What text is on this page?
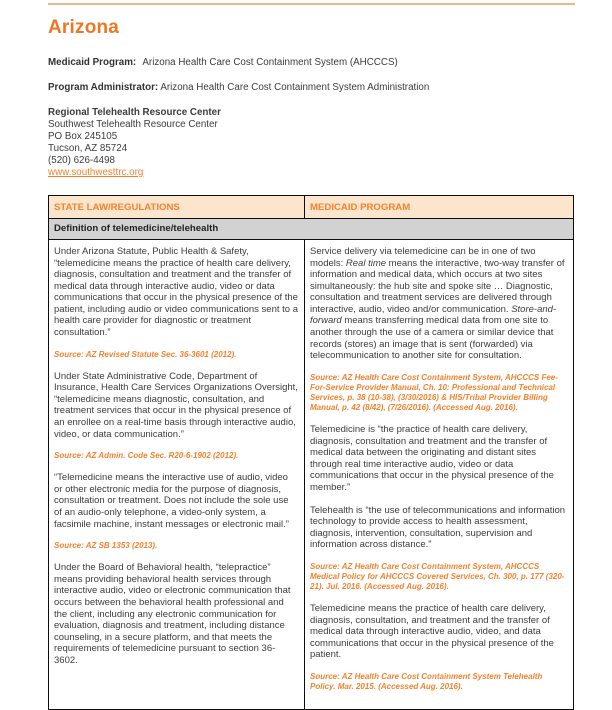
Arizona

Medicaid Program: Arizona Health Care Cost Containment System (AHCCCS)

Program Administrator: Arizona Health Care Cost Containment System Administration

Regional Telehealth Resource Center
Southwest Telehealth Resource Center
PO Box 245105
Tucson, AZ 85724
(520) 626-4498
www.southwesttrc.org
STATE LAW/REGULATIONS	MEDICAID PROGRAM
Definition of telemedicine/telehealth

Under Arizona Statute, Public Health & Safety, “telemedicine means the practice of health care delivery, diagnosis, consultation and treatment and the transfer of medical data through interactive audio, video or data communications that occur in the physical presence of the patient, including audio or video communications sent to a health care provider for diagnostic or treatment consultation.”

Source: AZ Revised Statute Sec. 36-3601 (2012).

Under State Administrative Code, Department of Insurance, Health Care Services Organizations Oversight, “telemedicine means diagnostic, consultation, and treatment services that occur in the physical presence of an enrollee on a real-time basis through interactive audio, video, or data communication.”

Source: AZ Admin. Code Sec. R20-6-1902 (2012).

“Telemedicine means the interactive use of audio, video or other electronic media for the purpose of diagnosis, consultation or treatment. Does not include the sole use of an audio-only telephone, a video-only system, a facsimile machine, instant messages or electronic mail.”

Source: AZ SB 1353 (2013).

Under the Board of Behavioral health, “telepractice” means providing behavioral health services through interactive audio, video or electronic communication that occurs between the behavioral health professional and the client, including any electronic communication for evaluation, diagnosis and treatment, including distance counseling, in a secure platform, and that meets the requirements of telemedicine pursuant to section 36-3602.

Service delivery via telemedicine can be in one of two models: Real time means the interactive, two-way transfer of information and medical data, which occurs at two sites simultaneously: the hub site and spoke site … Diagnostic, consultation and treatment services are delivered through interactive, audio, video and/or communication. Store-and-forward means transferring medical data from one site to another through the use of a camera or similar device that records (stores) an image that is sent (forwarded) via telecommunication to another site for consultation.

Source: AZ Health Care Cost Containment System, AHCCCS Fee-For-Service Provider Manual, Ch. 10: Professional and Technical Services, p. 38 (10-38), (3/30/2016) & HIS/Tribal Provider Billing Manual, p. 42 (8/42), (7/26/2016). (Accessed Aug. 2016).

Telemedicine is “the practice of health care delivery, diagnosis, consultation and treatment and the transfer of medical data between the originating and distant sites through real time interactive audio, video or data communications that occur in the physical presence of the member.”

Telehealth is “the use of telecommunications and information technology to provide access to health assessment, diagnosis, intervention, consultation, supervision and information across distance.”

Source: AZ Health Care Cost Containment System, AHCCCS Medical Policy for AHCCCS Covered Services, Ch. 300, p. 177 (320-21). Jul. 2016. (Accessed Aug. 2016).

Telemedicine means the practice of health care delivery, diagnosis, consultation, and treatment and the transfer of medical data through interactive audio, video, and data communications that occur in the physical presence of the patient.

Source: AZ Health Care Cost Containment System Telehealth Policy. Mar. 2015. (Accessed Aug. 2016).
